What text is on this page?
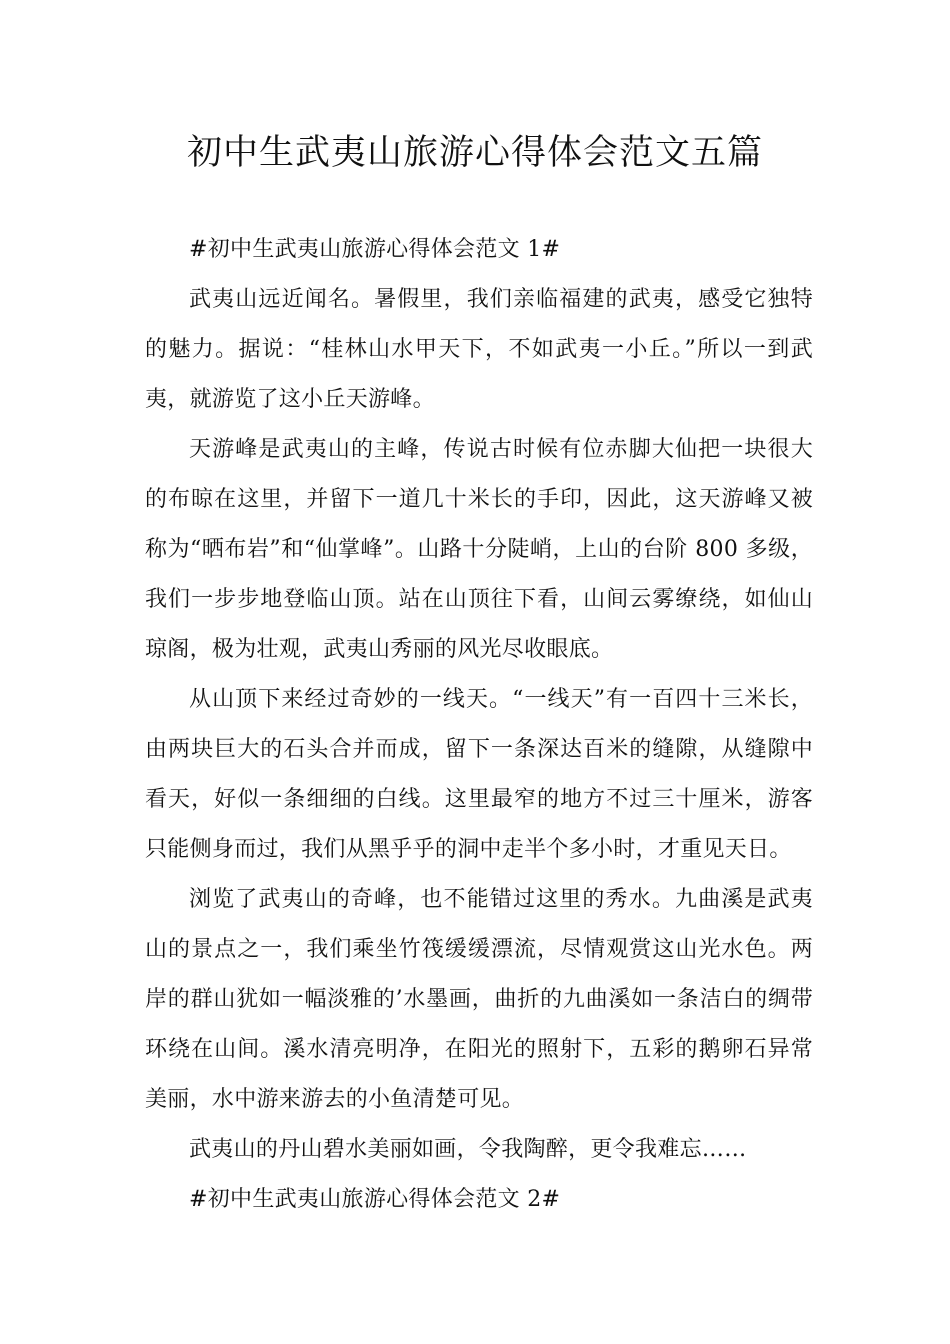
初中生武夷山旅游心得体会范文五篇

#初中生武夷山旅游心得体会范文 1#

武夷山远近闻名。暑假里，我们亲临福建的武夷，感受它独特的魅力。据说：“桂林山水甲天下，不如武夷一小丘。”所以一到武夷，就游览了这小丘天游峰。

天游峰是武夷山的主峰，传说古时候有位赤脚大仙把一块很大的布晾在这里，并留下一道几十米长的手印，因此，这天游峰又被称为“晒布岩”和“仙掌峰”。山路十分陡峭，上山的台阶 800 多级，我们一步步地登临山顶。站在山顶往下看，山间云雾缭绕，如仙山琼阁，极为壮观，武夷山秀丽的风光尽收眼底。

从山顶下来经过奇妙的一线天。“一线天”有一百四十三米长，由两块巨大的石头合并而成，留下一条深达百米的缝隙，从缝隙中看天，好似一条细细的白线。这里最窄的地方不过三十厘米，游客只能侧身而过，我们从黑乎乎的洞中走半个多小时，才重见天日。

浏览了武夷山的奇峰，也不能错过这里的秀水。九曲溪是武夷山的景点之一，我们乘坐竹筏缓缓漂流，尽情观赏这山光水色。两岸的群山犹如一幅淡雅的’水墨画，曲折的九曲溪如一条洁白的绸带环绕在山间。溪水清亮明净，在阳光的照射下，五彩的鹅卵石异常美丽，水中游来游去的小鱼清楚可见。

武夷山的丹山碧水美丽如画，令我陶醉，更令我难忘……

#初中生武夷山旅游心得体会范文 2#
